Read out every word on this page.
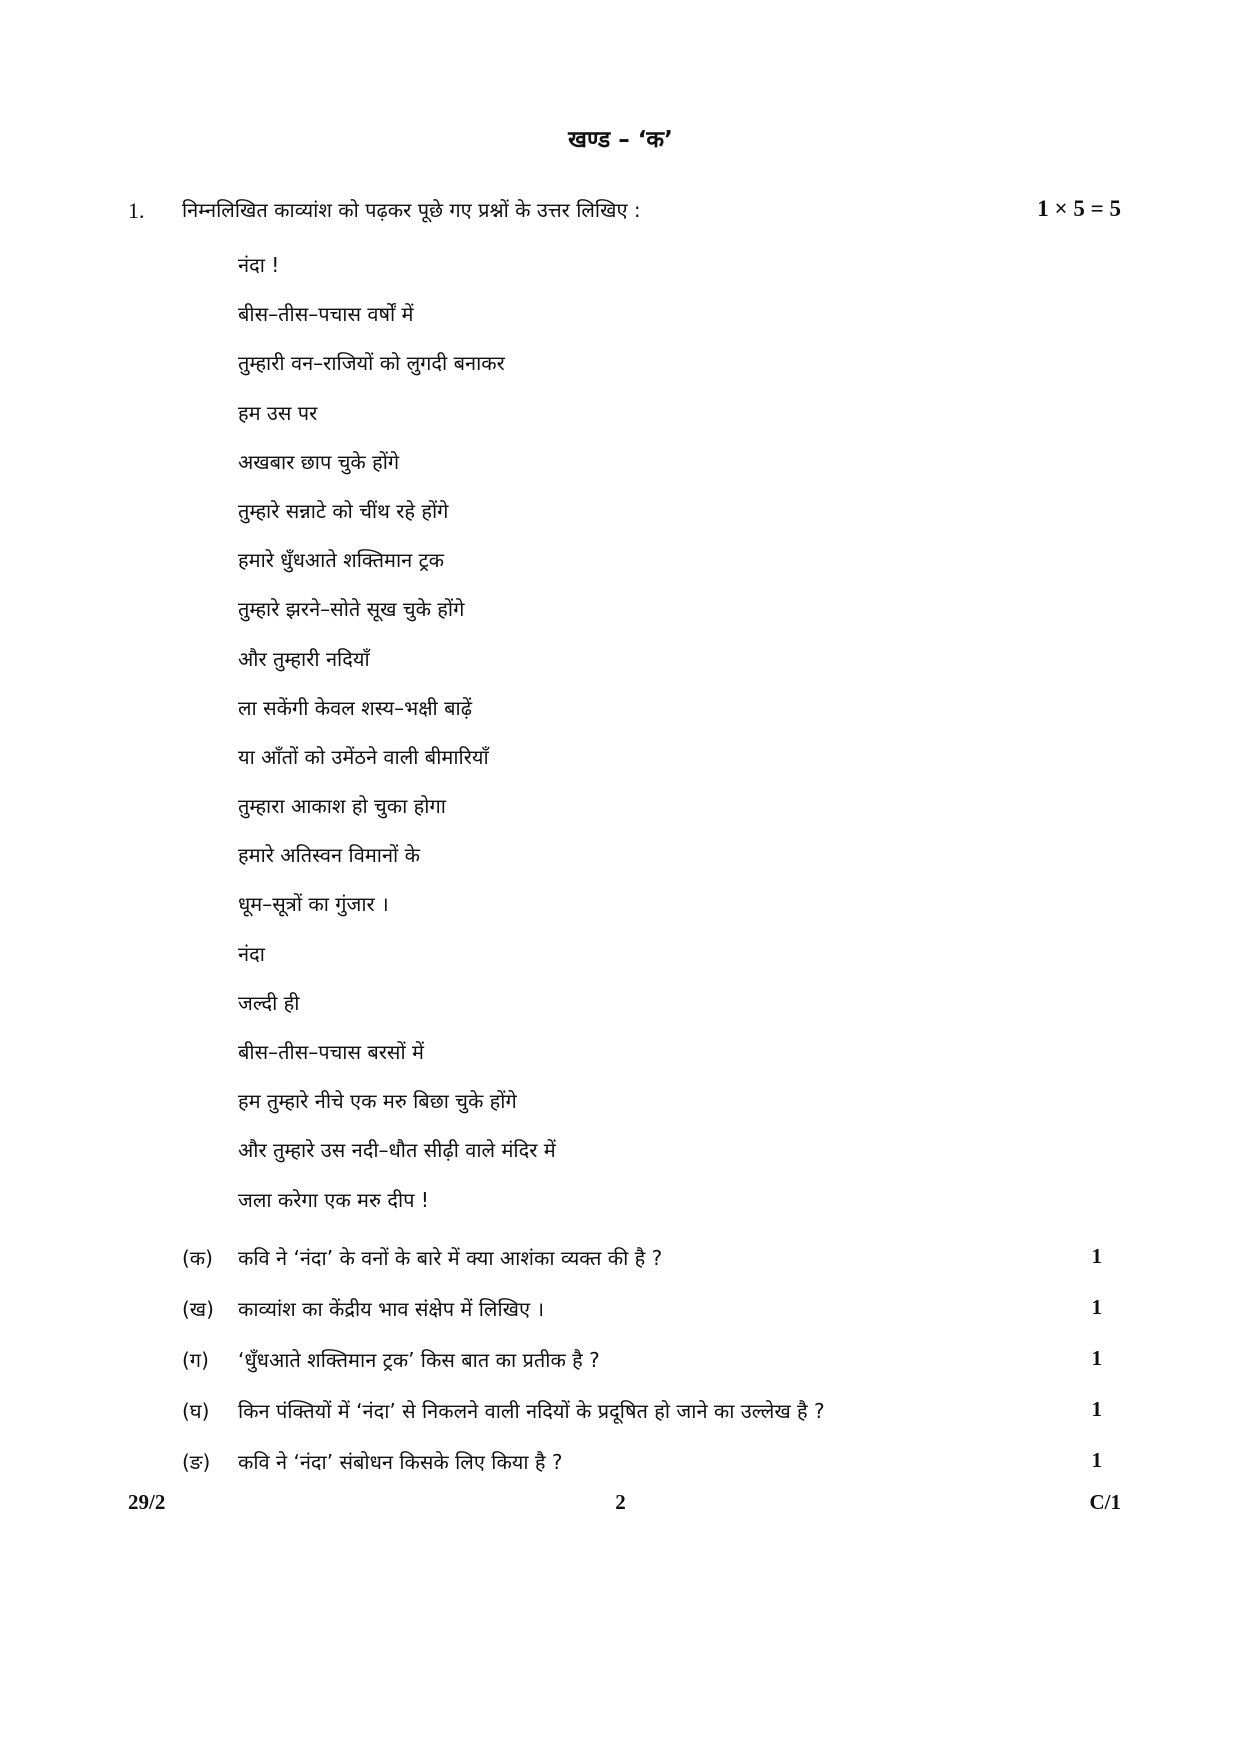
खण्ड – ‘क’
1. निम्नलिखित काव्यांश को पढ़कर पूछे गए प्रश्नों के उत्तर लिखिए :	1 × 5 = 5
नंदा !
बीस–तीस–पचास वर्षों में
तुम्हारी वन–राजियों को लुगदी बनाकर
हम उस पर
अखबार छाप चुके होंगे
तुम्हारे सन्नाटे को चींथ रहे होंगे
हमारे धुँधआते शक्तिमान ट्रक
तुम्हारे झरने–सोते सूख चुके होंगे
और तुम्हारी नदियाँ
ला सकेंगी केवल शस्य–भक्षी बाढ़ें
या आँतों को उमेंठने वाली बीमारियाँ
तुम्हारा आकाश हो चुका होगा
हमारे अतिस्वन विमानों के
धूम–सूत्रों का गुंजार ।
नंदा
जल्दी ही
बीस–तीस–पचास बरसों में
हम तुम्हारे नीचे एक मरु बिछा चुके होंगे
और तुम्हारे उस नदी–धौत सीढ़ी वाले मंदिर में
जला करेगा एक मरु दीप !
(क) कवि ने ‘नंदा’ के वनों के बारे में क्या आशंका व्यक्त की है ?	1
(ख) काव्यांश का केंद्रीय भाव संक्षेप में लिखिए ।	1
(ग) ‘धुँधआते शक्तिमान ट्रक’ किस बात का प्रतीक है ?	1
(घ) किन पंक्तियों में ‘नंदा’ से निकलने वाली नदियों के प्रदूषित हो जाने का उल्लेख है ?	1
(ङ) कवि ने ‘नंदा’ संबोधन किसके लिए किया है ?	1
29/2	2	C/1
